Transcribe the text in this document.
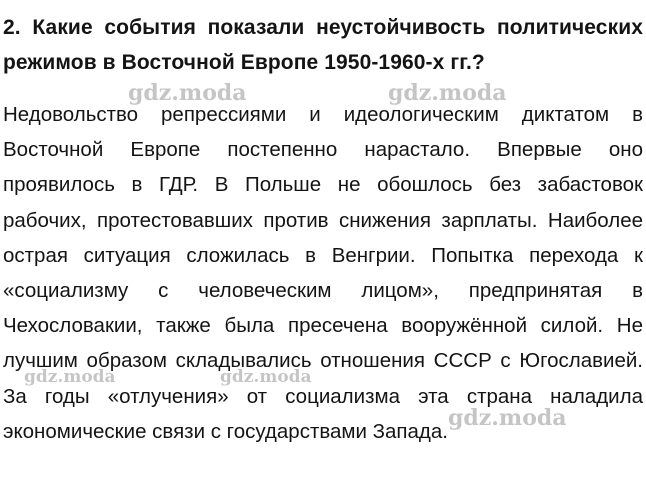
2. Какие события показали неустойчивость политических режимов в Восточной Европе 1950-1960-х гг.?

Недовольство репрессиями и идеологическим диктатом в Восточной Европе постепенно нарастало. Впервые оно проявилось в ГДР. В Польше не обошлось без забастовок рабочих, протестовавших против снижения зарплаты. Наиболее острая ситуация сложилась в Венгрии. Попытка перехода к «социализму с человеческим лицом», предпринятая в Чехословакии, также была пресечена вооружённой силой. Не лучшим образом складывались отношения СССР с Югославией. За годы «отлучения» от социализма эта страна наладила экономические связи с государствами Запада.

gdz.moda	gdz.moda
gdz.moda	gdz.moda
gdz.moda
